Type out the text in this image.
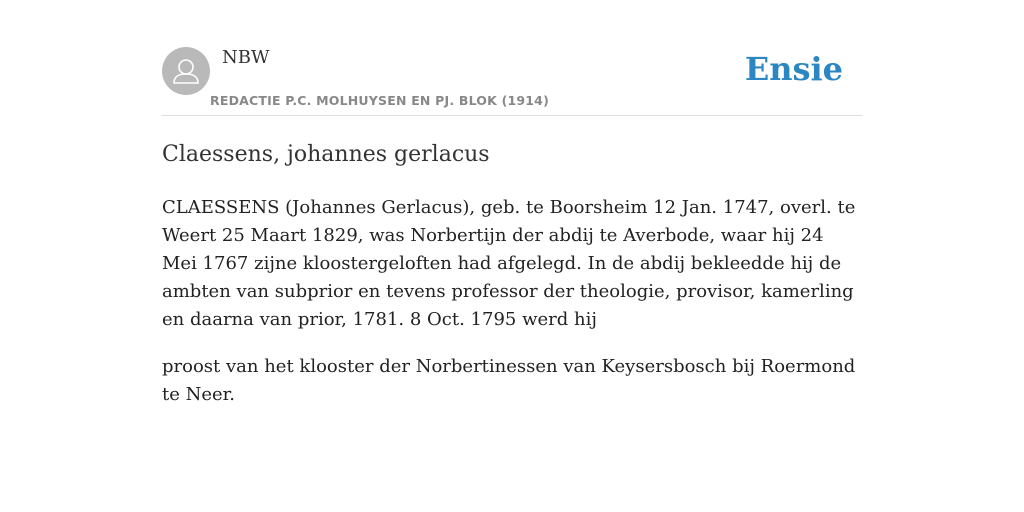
NBW
REDACTIE P.C. MOLHUYSEN EN PJ. BLOK (1914)
Ensie
Claessens, johannes gerlacus

CLAESSENS (Johannes Gerlacus), geb. te Boorsheim 12 Jan. 1747, overl. te Weert 25 Maart 1829, was Norbertijn der abdij te Averbode, waar hij 24 Mei 1767 zijne kloostergeloften had afgelegd. In de abdij bekleedde hij de ambten van subprior en tevens professor der theologie, provisor, kamerling en daarna van prior, 1781. 8 Oct. 1795 werd hij

proost van het klooster der Norbertinessen van Keysersbosch bij Roermond te Neer.
